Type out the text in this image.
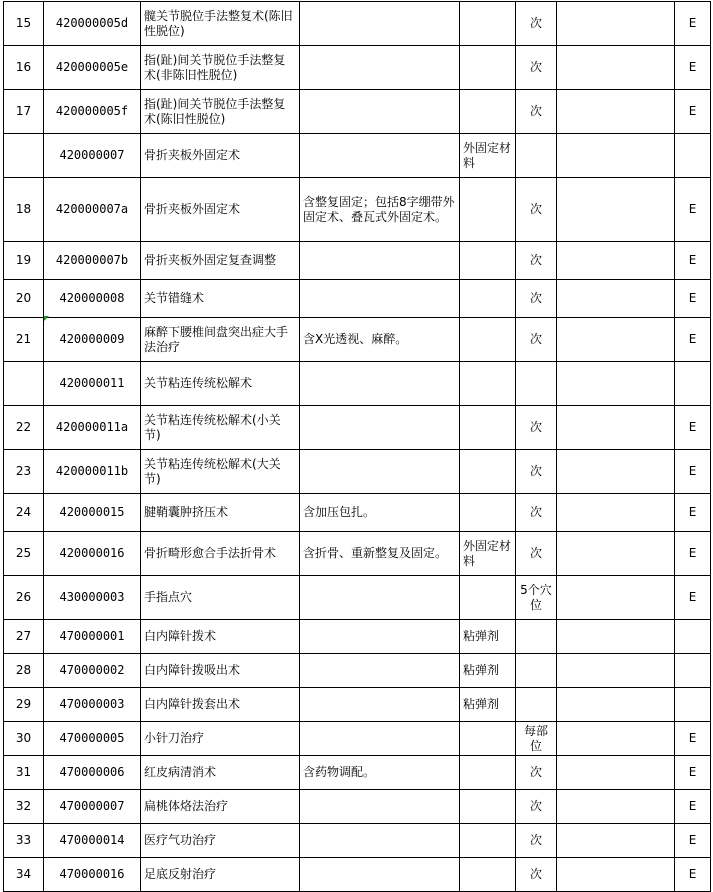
15	420000005d	髋关节脱位手法整复术(陈旧性脱位)			次		E
16	420000005e	指(趾)间关节脱位手法整复术(非陈旧性脱位)			次		E
17	420000005f	指(趾)间关节脱位手法整复术(陈旧性脱位)			次		E
	420000007	骨折夹板外固定术		外固定材料			
18	420000007a	骨折夹板外固定术	含整复固定；包括8字绷带外固定术、叠瓦式外固定术。		次		E
19	420000007b	骨折夹板外固定复查调整			次		E
20	420000008	关节错缝术			次		E
21	420000009	麻醉下腰椎间盘突出症大手法治疗	含X光透视、麻醉。		次		E
	420000011	关节粘连传统松解术					
22	420000011a	关节粘连传统松解术(小关节)			次		E
23	420000011b	关节粘连传统松解术(大关节)			次		E
24	420000015	腱鞘囊肿挤压术	含加压包扎。		次		E
25	420000016	骨折畸形愈合手法折骨术	含折骨、重新整复及固定。	外固定材料	次		E
26	430000003	手指点穴			5个穴位		E
27	470000001	白内障针拨术		粘弹剂			
28	470000002	白内障针拨吸出术		粘弹剂			
29	470000003	白内障针拨套出术		粘弹剂			
30	470000005	小针刀治疗			每部位		E
31	470000006	红皮病清消术	含药物调配。		次		E
32	470000007	扁桃体烙法治疗			次		E
33	470000014	医疗气功治疗			次		E
34	470000016	足底反射治疗			次		E
